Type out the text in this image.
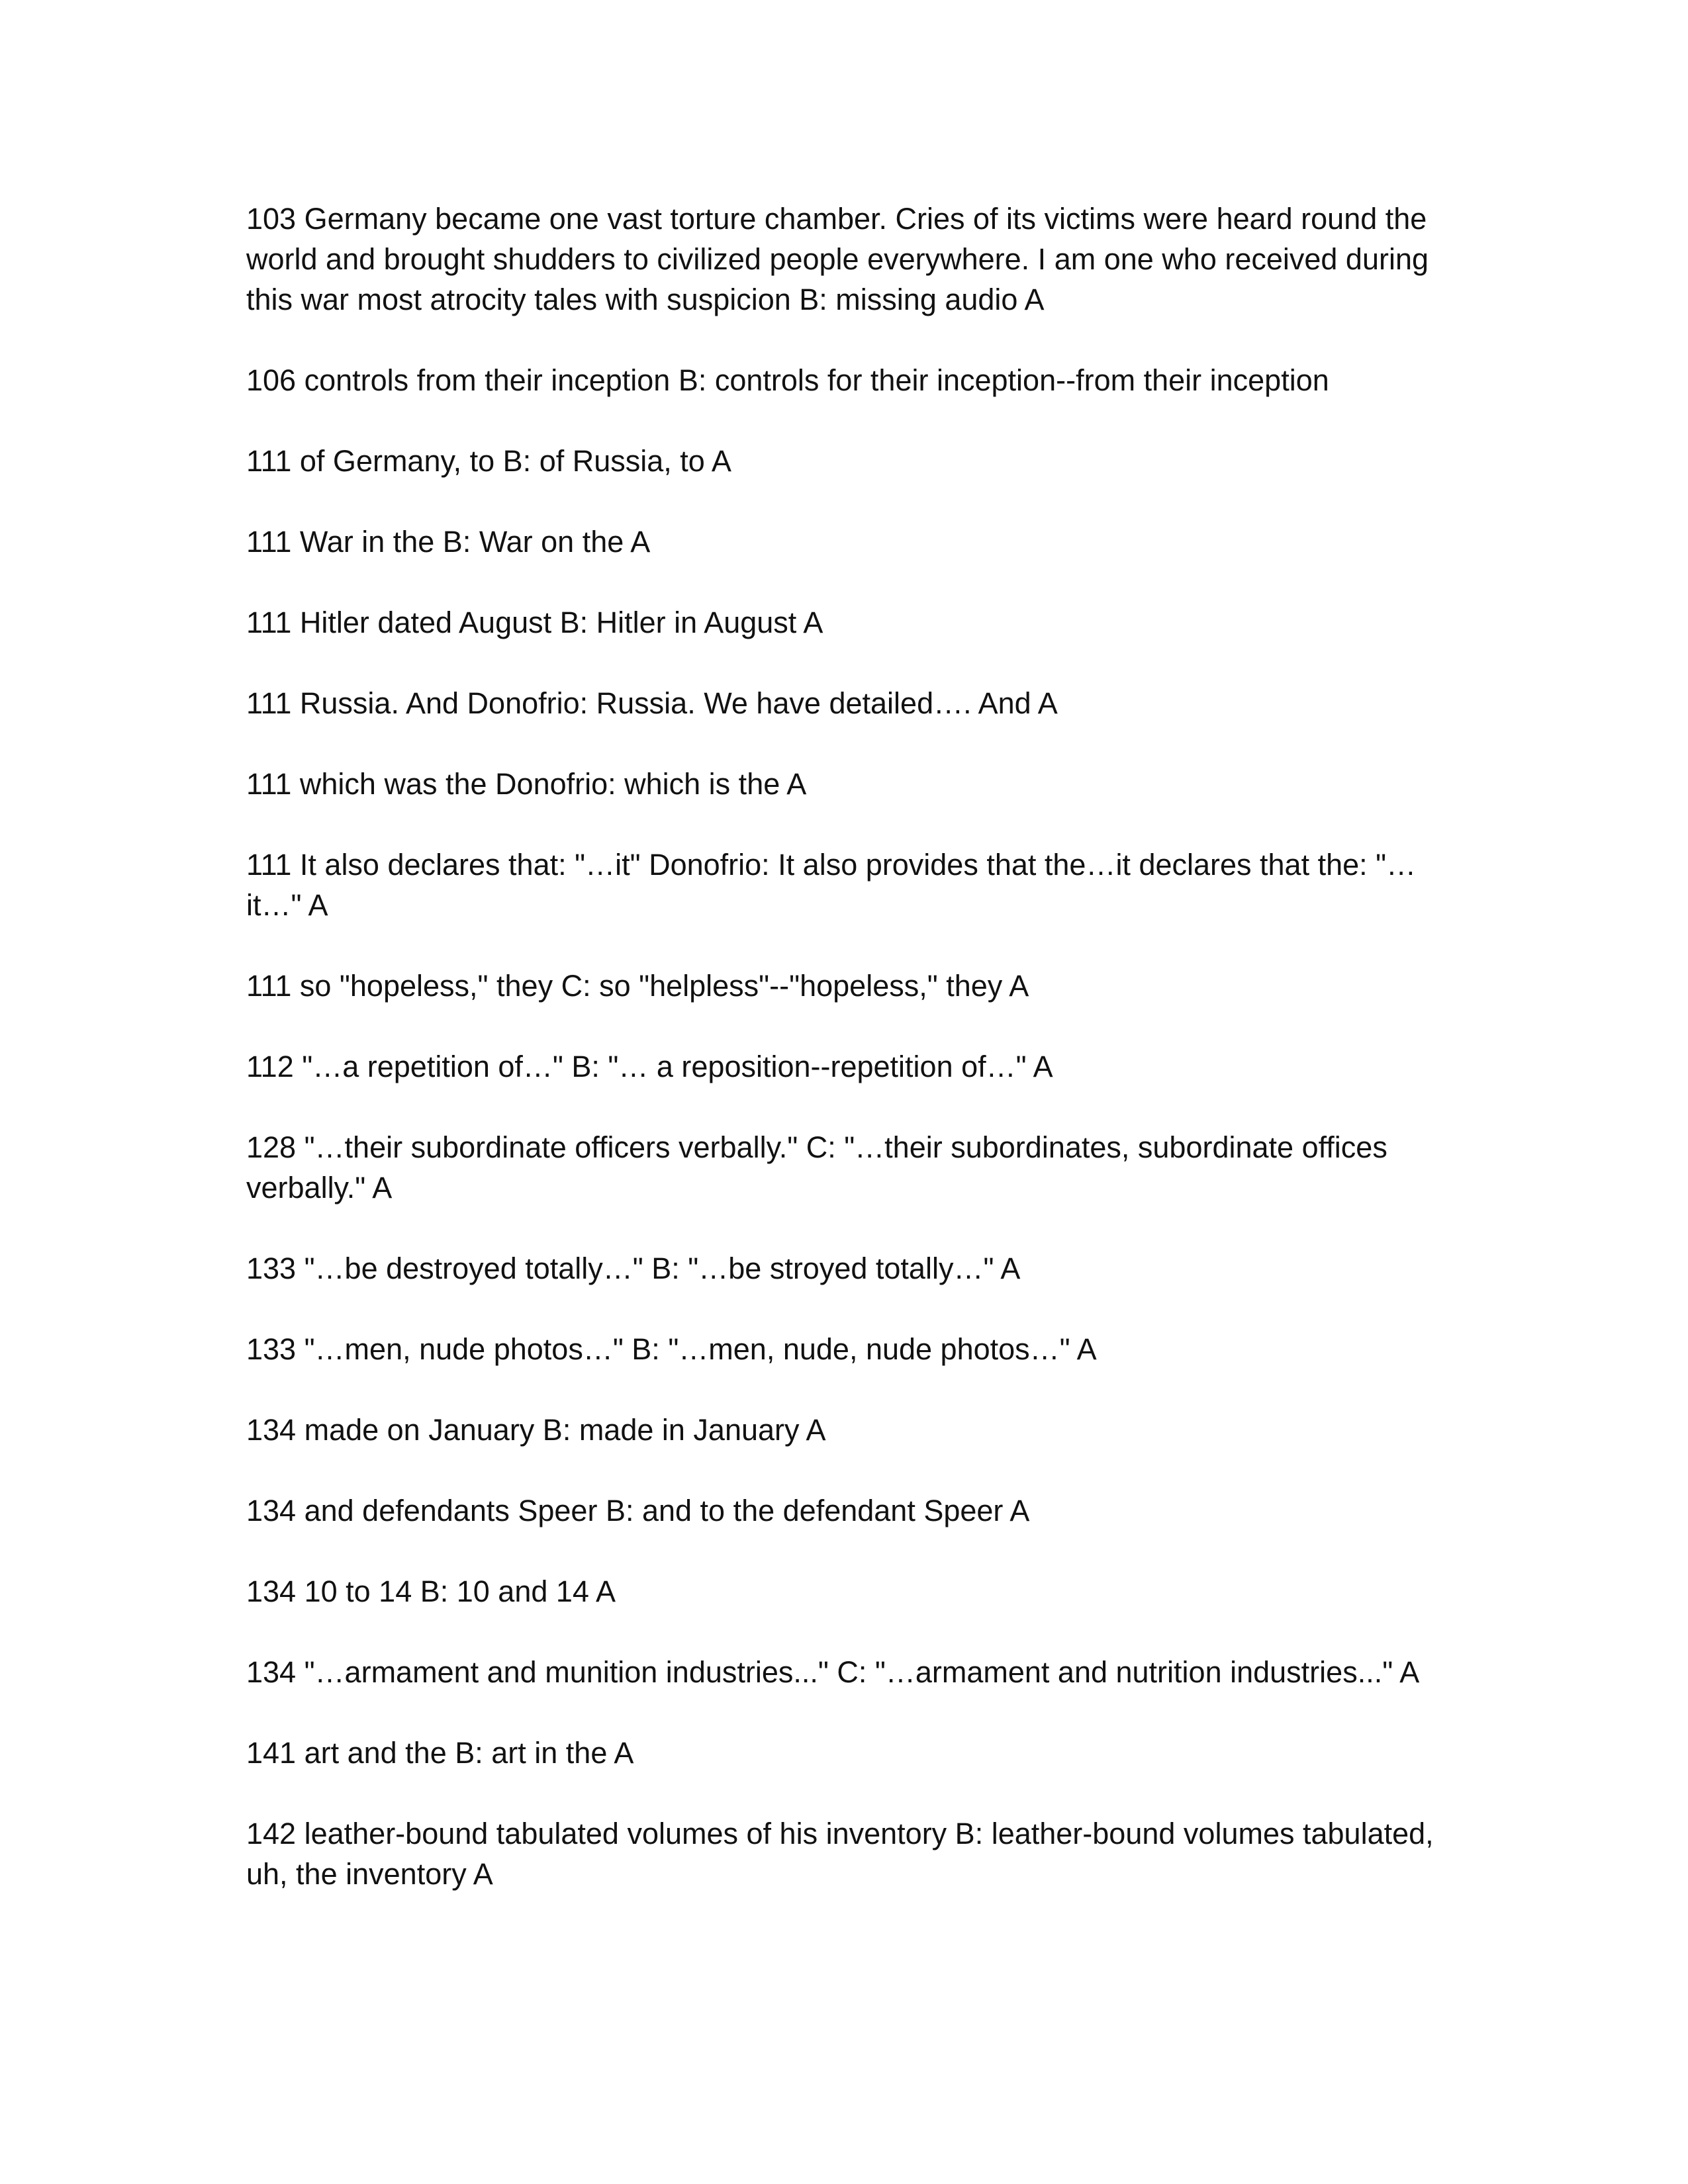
103 Germany became one vast torture chamber. Cries of its victims were heard round the world and brought shudders to civilized people everywhere. I am one who received during this war most atrocity tales with suspicion B: missing audio A

106 controls from their inception B: controls for their inception--from their inception

111 of Germany, to B: of Russia, to A

111 War in the B: War on the A

111 Hitler dated August B: Hitler in August A

111 Russia. And Donofrio: Russia. We have detailed…. And A

111 which was the Donofrio: which is the A

111 It also declares that: "…it" Donofrio: It also provides that the…it declares that the: "…it…" A

111 so "hopeless," they C: so "helpless"--"hopeless," they A

112 "…a repetition of…" B: "… a reposition--repetition of…" A

128 "…their subordinate officers verbally." C: "…their subordinates, subordinate offices verbally." A

133 "…be destroyed totally…" B: "…be stroyed totally…" A

133 "…men, nude photos…" B: "…men, nude, nude photos…" A

134 made on January B: made in January A

134 and defendants Speer B: and to the defendant Speer A

134 10 to 14 B: 10 and 14 A

134 "…armament and munition industries..." C: "…armament and nutrition industries..." A

141 art and the B: art in the A

142 leather-bound tabulated volumes of his inventory B: leather-bound volumes tabulated, uh, the inventory A
